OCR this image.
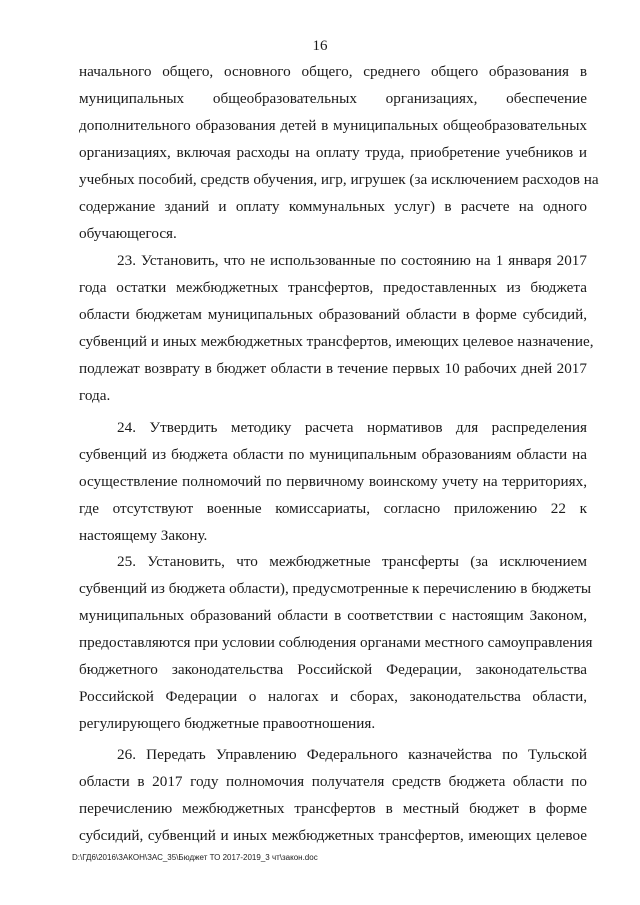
16
начального общего, основного общего, среднего общего образования в
муниципальных общеобразовательных организациях, обеспечение
дополнительного образования детей в муниципальных общеобразовательных
организациях, включая расходы на оплату труда, приобретение учебников и
учебных пособий, средств обучения, игр, игрушек (за исключением расходов на
содержание зданий и оплату коммунальных услуг) в расчете на одного
обучающегося.
23. Установить, что не использованные по состоянию на 1 января 2017
года остатки межбюджетных трансфертов, предоставленных из бюджета
области бюджетам муниципальных образований области в форме субсидий,
субвенций и иных межбюджетных трансфертов, имеющих целевое назначение,
подлежат возврату в бюджет области в течение первых 10 рабочих дней 2017
года.
24. Утвердить методику расчета нормативов для распределения
субвенций из бюджета области по муниципальным образованиям области на
осуществление полномочий по первичному воинскому учету на территориях,
где отсутствуют военные комиссариаты, согласно приложению 22 к
настоящему Закону.
25. Установить, что межбюджетные трансферты (за исключением
субвенций из бюджета области), предусмотренные к перечислению в бюджеты
муниципальных образований области в соответствии с настоящим Законом,
предоставляются при условии соблюдения органами местного самоуправления
бюджетного законодательства Российской Федерации, законодательства
Российской Федерации о налогах и сборах, законодательства области,
регулирующего бюджетные правоотношения.
26. Передать Управлению Федерального казначейства по Тульской
области в 2017 году полномочия получателя средств бюджета области по
перечислению межбюджетных трансфертов в местный бюджет в форме
субсидий, субвенций и иных межбюджетных трансфертов, имеющих целевое
D:\ГД6\2016\ЗАКОН\ЗАС_35\Бюджет ТО 2017-2019_3 чт\закон.doc
